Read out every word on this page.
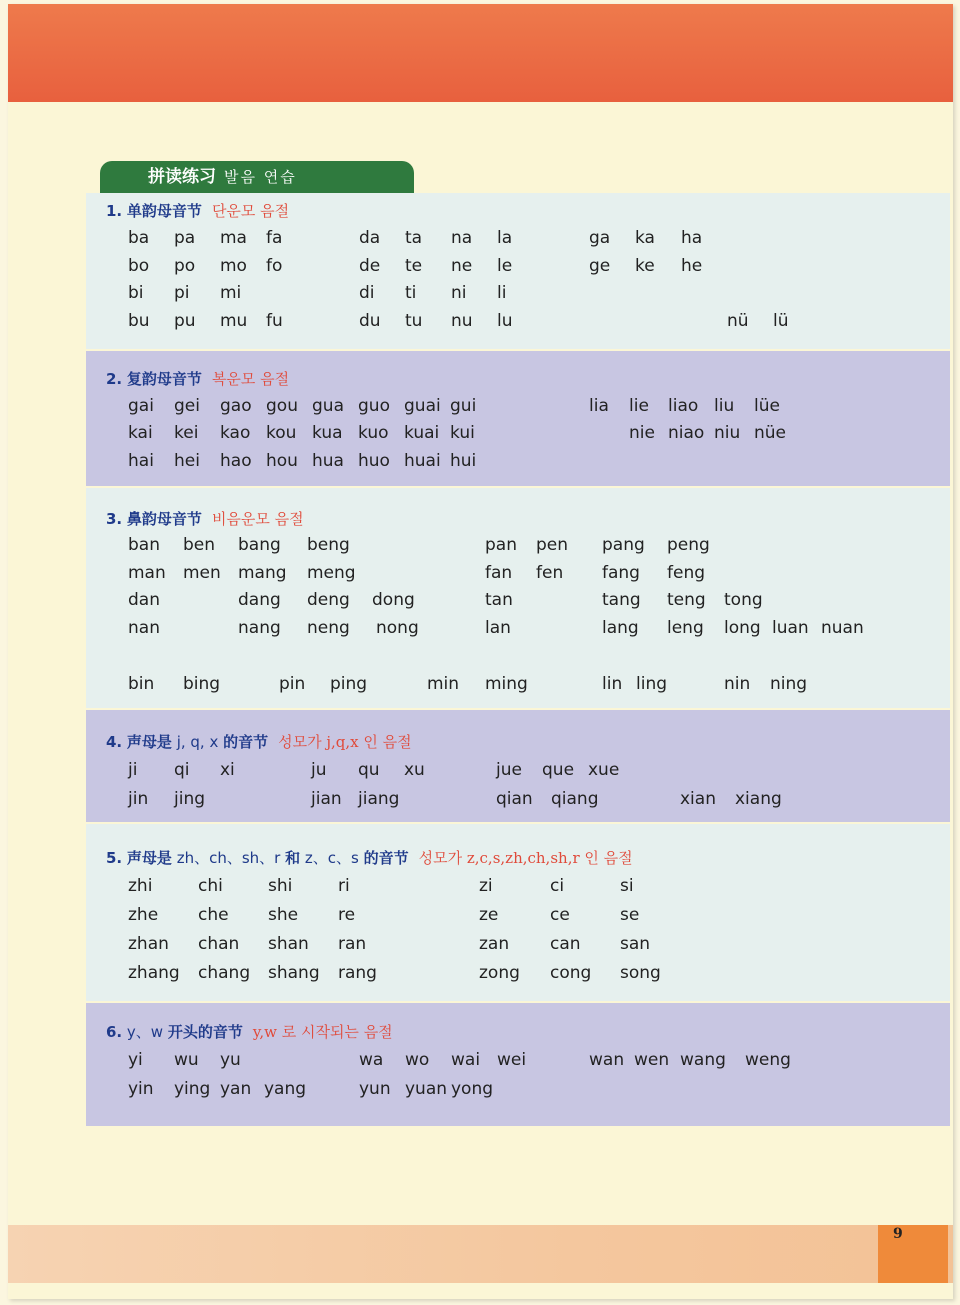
9
拼读练习 발음 연습
1. 单韵母音节 단운모 음절
2. 复韵母音节 복운모 음절
3. 鼻韵母音节 비음운모 음절
4. 声母是 j, q, x 的音节 성모가 j,q,x 인 음절
5. 声母是 zh、ch、sh、r 和 z、c、s 的音节 성모가 z,c,s,zh,ch,sh,r 인 음절
6. y、w 开头的音节 y,w 로 시작되는 음절
ba pa ma fa	da ta na la	ga ka ha
bo po mo fo	de te ne le	ge ke he
bi pi mi	di ti ni li
bu pu mu fu	du tu nu lu	nü lü
gai gei gao gou gua guo guai gui	lia lie liao liu lüe
kai kei kao kou kua kuo kuai kui	nie niao niu nüe
hai hei hao hou hua huo huai hui
ban ben bang beng	pan pen pang peng
man men mang meng	fan fen fang feng
dan	dang deng dong	tan	tang teng tong
nan	nang neng nong	lan	lang leng long luan nuan
bin bing	pin ping	min ming	lin ling	nin ning
ji qi xi	ju qu xu	jue que xue
jin jing	jian jiang	qian qiang	xian xiang
zhi	chi	shi	ri	zi	ci	si
zhe che she re	ze	ce	se
zhan chan shan ran	zan can san
zhang chang shang rang	zong cong song
yi wu yu	wa wo wai wei	wan wen wang weng
yin ying yan yang	yun yuan yong
